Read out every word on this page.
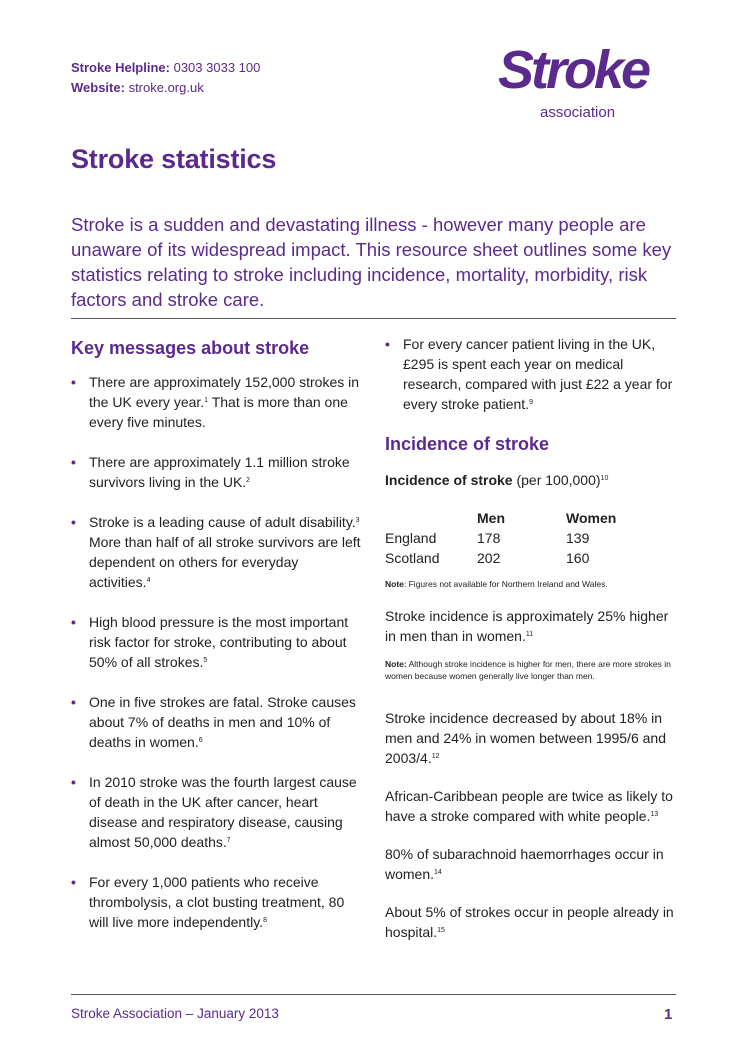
Stroke Helpline: 0303 3033 100
Website: stroke.org.uk	Stroke
association
Stroke statistics

Stroke is a sudden and devastating illness - however many people are unaware of its widespread impact. This resource sheet outlines some key statistics relating to stroke including incidence, mortality, morbidity, risk factors and stroke care.

Key messages about stroke
• There are approximately 152,000 strokes in the UK every year.$^1$ That is more than one every five minutes.
• There are approximately 1.1 million stroke survivors living in the UK.$^2$
• Stroke is a leading cause of adult disability.$^3$ More than half of all stroke survivors are left dependent on others for everyday activities.$^4$
• High blood pressure is the most important risk factor for stroke, contributing to about 50% of all strokes.$^5$
• One in five strokes are fatal. Stroke causes about 7% of deaths in men and 10% of deaths in women.$^6$
• In 2010 stroke was the fourth largest cause of death in the UK after cancer, heart disease and respiratory disease, causing almost 50,000 deaths.$^7$
• For every 1,000 patients who receive thrombolysis, a clot busting treatment, 80 will live more independently.$^8$
• For every cancer patient living in the UK, £295 is spent each year on medical research, compared with just £22 a year for every stroke patient.$^9$
Incidence of stroke

Incidence of stroke (per 100,000)$^{10}$

	Men	Women
England	178	139
Scotland	202	160

Note: Figures not available for Northern Ireland and Wales.

Stroke incidence is approximately 25% higher in men than in women.$^{11}$

Note: Although stroke incidence is higher for men, there are more strokes in women because women generally live longer than men.

Stroke incidence decreased by about 18% in men and 24% in women between 1995/6 and 2003/4.12

African-Caribbean people are twice as likely to have a stroke compared with white people.$^{13}$

80% of subarachnoid haemorrhages occur in women.$^{14}$

About 5% of strokes occur in people already in hospital.$^{15}$

Stroke Association – January 2013	1
